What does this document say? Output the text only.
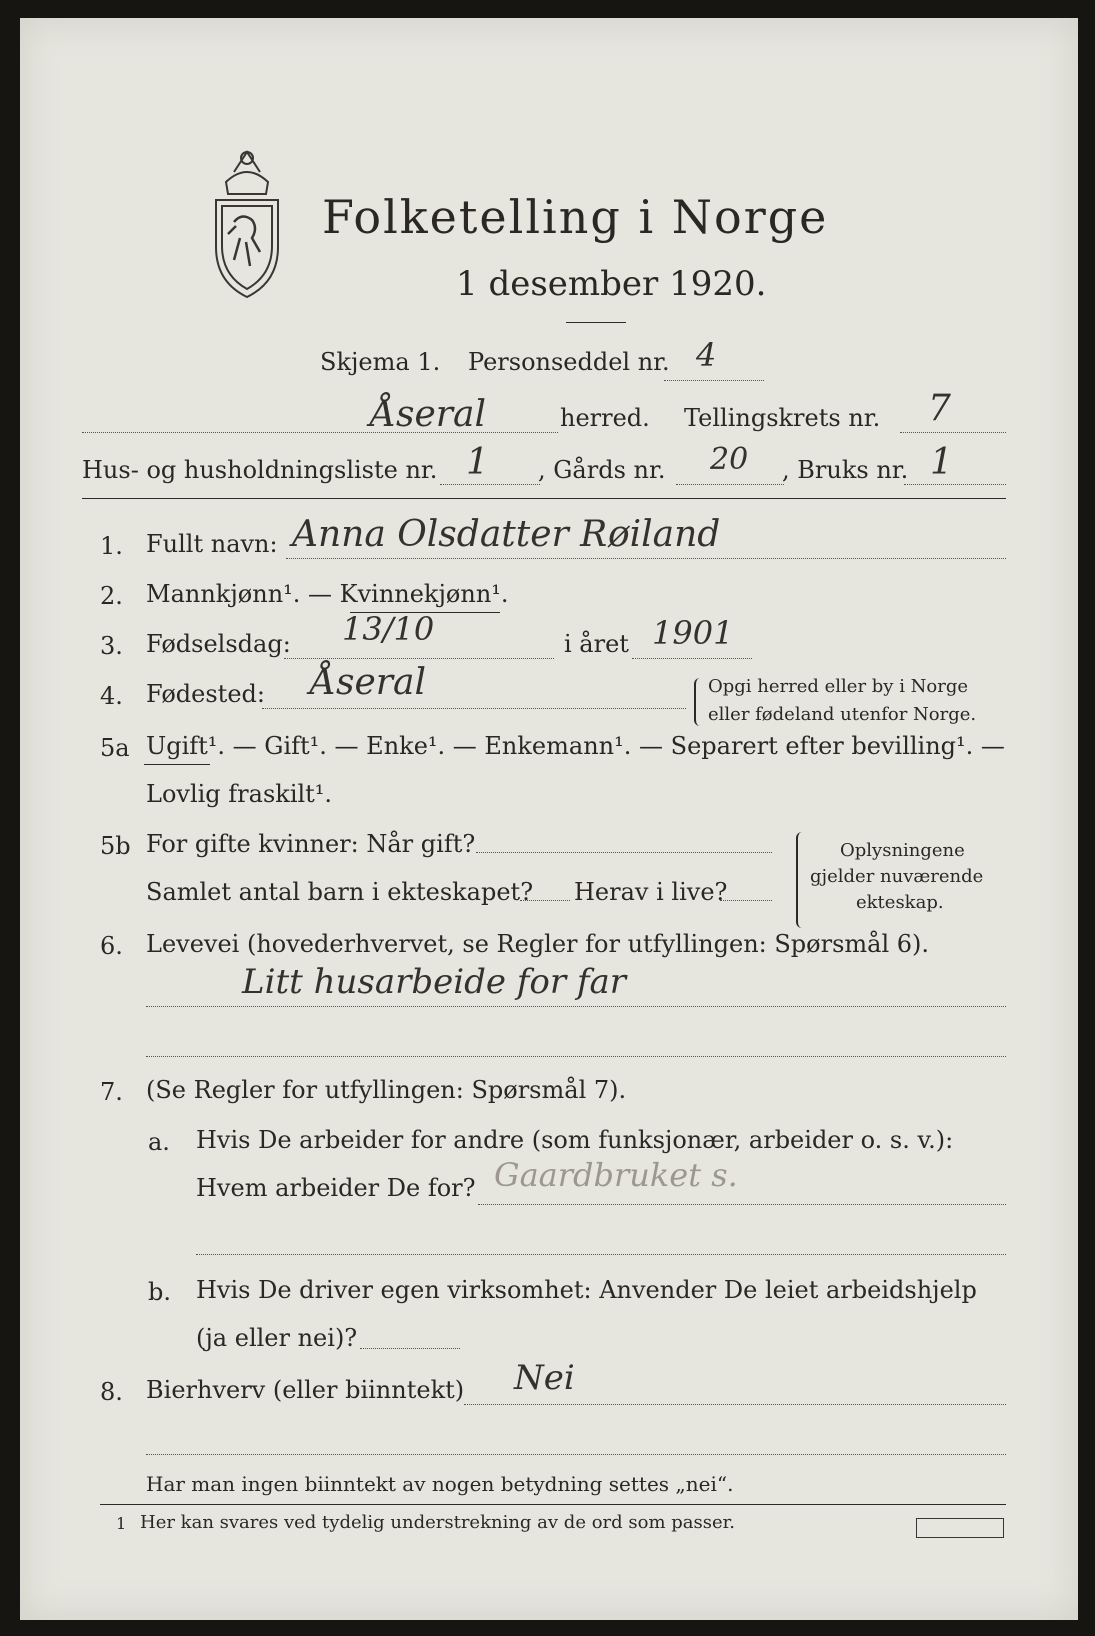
Folketelling i Norge
1 desember 1920.
Skjema 1. Personseddel nr. 4
Åseral	herred. Tellingskrets nr. 7
Hus- og husholdningsliste nr. 1 , Gårds nr. 20 , Bruks nr. 1
1. Fullt navn: Anna Olsdatter Røiland
2. Mannkjønn¹. — Kvinnekjønn¹.
3. Fødselsdag: 13/10	i året 1901
4. Fødested: Åseral	Opgi herred eller by i Norge
eller fødeland utenfor Norge.
5a Ugift¹. — Gift¹. — Enke¹. — Enkemann¹. — Separert efter bevilling¹. —
Lovlig fraskilt¹.
5b For gifte kvinner: Når gift?
Samlet antal barn i ekteskapet? Herav i live?
Oplysningene
gjelder nuværende
ekteskap.
6. Levevei (hovederhvervet, se Regler for utfyllingen: Spørsmål 6).
Litt husarbeide for far
7. (Se Regler for utfyllingen: Spørsmål 7).
a. Hvis De arbeider for andre (som funksjonær, arbeider o. s. v.):
Hvem arbeider De for? Gaardbruket s.
b. Hvis De driver egen virksomhet: Anvender De leiet arbeidshjelp
(ja eller nei)?
8. Bierhverv (eller biinntekt) Nei
Har man ingen biinntekt av nogen betydning settes „nei“.
1 Her kan svares ved tydelig understrekning av de ord som passer.
